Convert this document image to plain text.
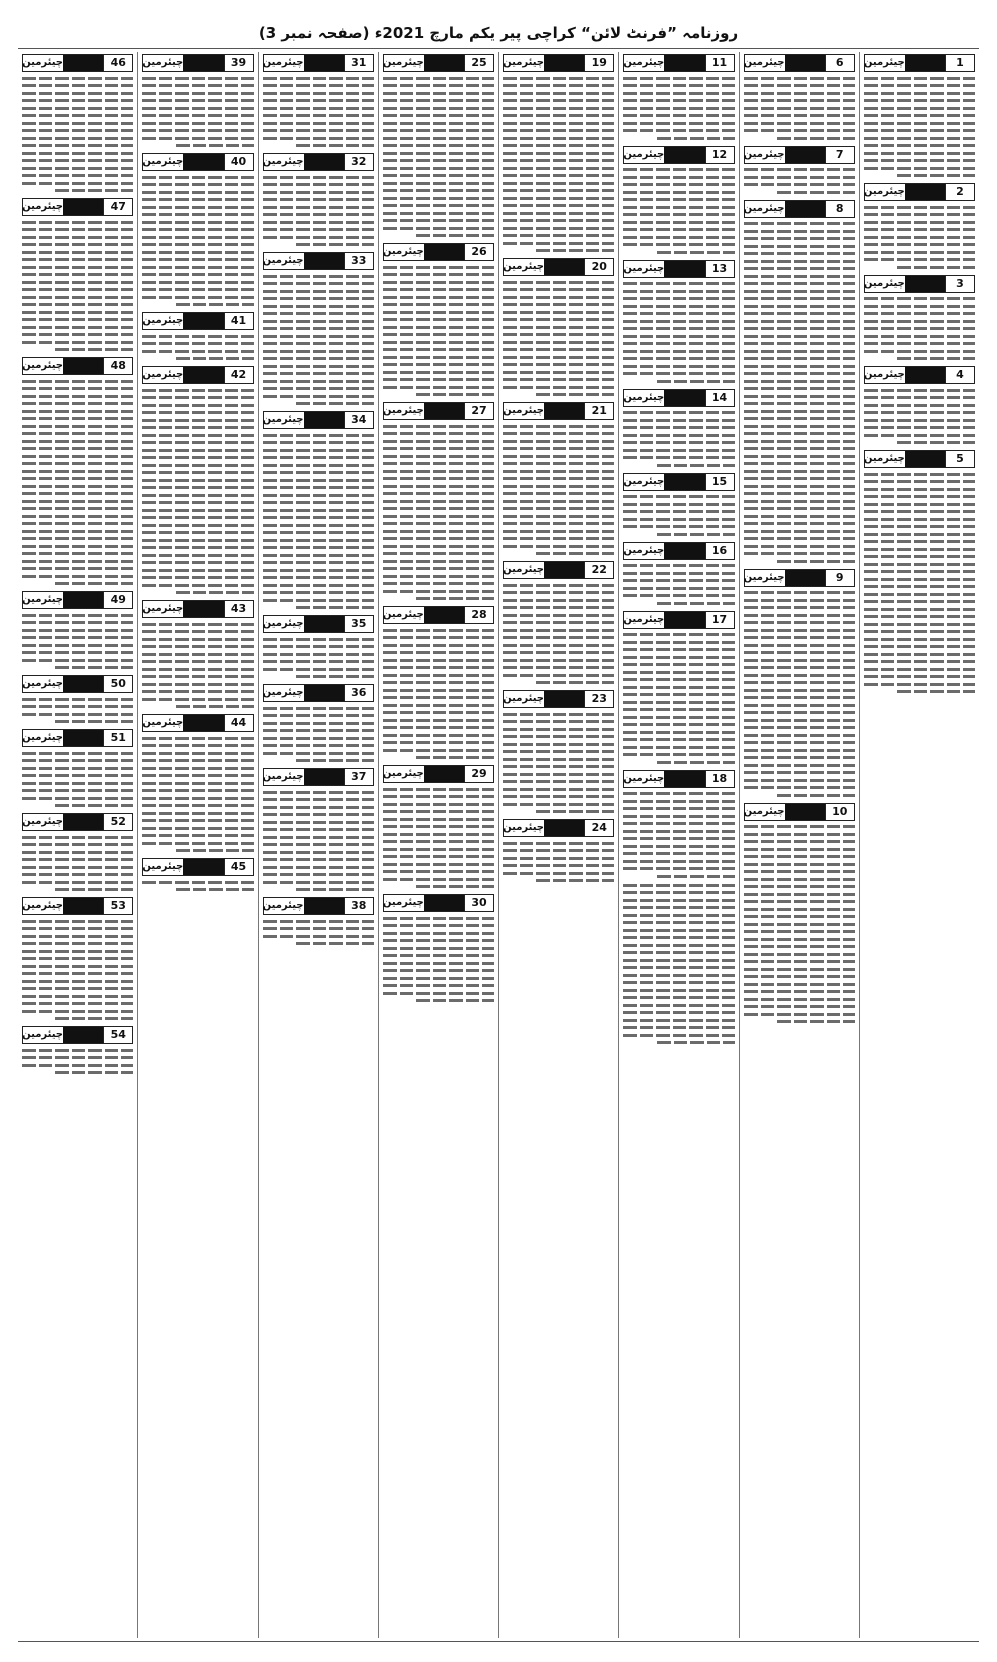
روزنامہ ”فرنٹ لائن“ کراچی پیر یکم مارچ 2021ء (صفحہ نمبر 3)
1
چیئرمین
2
چیئرمین
3
چیئرمین
4
چیئرمین
5
چیئرمین
6
چیئرمین
7
چیئرمین
8
چیئرمین
9
چیئرمین
10
چیئرمین
11
چیئرمین
12
چیئرمین
13
چیئرمین
14
چیئرمین
15
چیئرمین
16
چیئرمین
17
چیئرمین
18
چیئرمین
19
چیئرمین
20
چیئرمین
21
چیئرمین
22
چیئرمین
23
چیئرمین
24
چیئرمین
25
چیئرمین
26
چیئرمین
27
چیئرمین
28
چیئرمین
29
چیئرمین
30
چیئرمین
31
چیئرمین
32
چیئرمین
33
چیئرمین
34
چیئرمین
35
چیئرمین
36
چیئرمین
37
چیئرمین
38
چیئرمین
39
چیئرمین
40
چیئرمین
41
چیئرمین
42
چیئرمین
43
چیئرمین
44
چیئرمین
45
چیئرمین
46
چیئرمین
47
چیئرمین
48
چیئرمین
49
چیئرمین
50
چیئرمین
51
چیئرمین
52
چیئرمین
53
چیئرمین
54
چیئرمین
